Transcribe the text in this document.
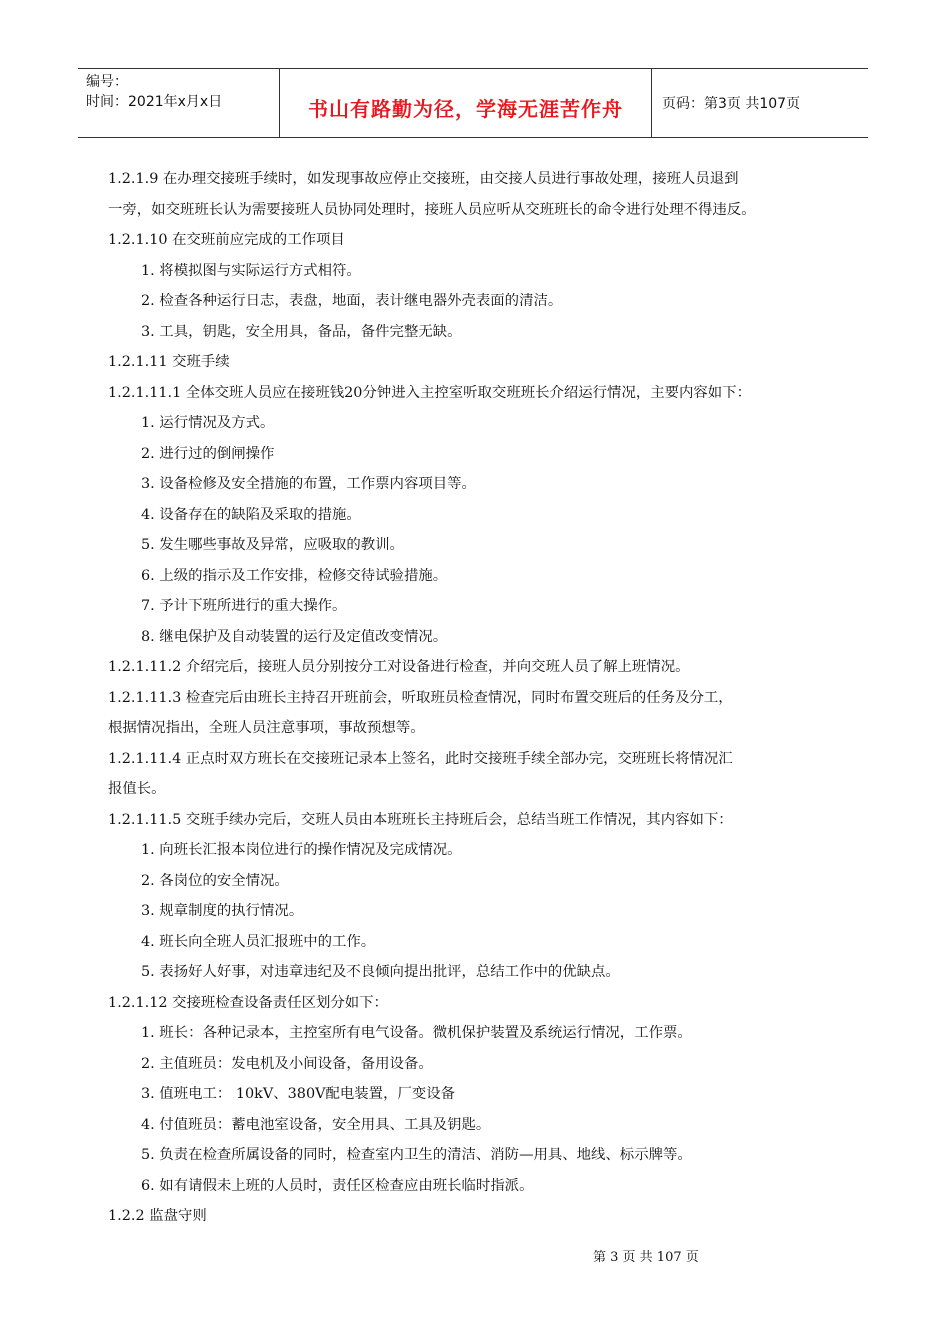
编号：
时间：2021年x月x日	书山有路勤为径，学海无涯苦作舟	页码：第3页 共107页
1.2.1.9 在办理交接班手续时，如发现事故应停止交接班，由交接人员进行事故处理，接班人员退到
一旁，如交班班长认为需要接班人员协同处理时，接班人员应听从交班班长的命令进行处理不得违反。
1.2.1.10 在交班前应完成的工作项目
1. 将模拟图与实际运行方式相符。
2. 检查各种运行日志，表盘，地面，表计继电器外壳表面的清洁。
3. 工具，钥匙，安全用具，备品，备件完整无缺。
1.2.1.11 交班手续
1.2.1.11.1 全体交班人员应在接班钱20分钟进入主控室听取交班班长介绍运行情况，主要内容如下：
1. 运行情况及方式。
2. 进行过的倒闸操作
3. 设备检修及安全措施的布置，工作票内容项目等。
4. 设备存在的缺陷及采取的措施。
5. 发生哪些事故及异常，应吸取的教训。
6. 上级的指示及工作安排，检修交待试验措施。
7. 予计下班所进行的重大操作。
8. 继电保护及自动装置的运行及定值改变情况。
1.2.1.11.2 介绍完后，接班人员分别按分工对设备进行检查，并向交班人员了解上班情况。
1.2.1.11.3 检查完后由班长主持召开班前会，听取班员检查情况，同时布置交班后的任务及分工，
根据情况指出，全班人员注意事项，事故预想等。
1.2.1.11.4 正点时双方班长在交接班记录本上签名，此时交接班手续全部办完，交班班长将情况汇
报值长。
1.2.1.11.5 交班手续办完后，交班人员由本班班长主持班后会，总结当班工作情况，其内容如下：
1. 向班长汇报本岗位进行的操作情况及完成情况。
2. 各岗位的安全情况。
3. 规章制度的执行情况。
4. 班长向全班人员汇报班中的工作。
5. 表扬好人好事，对违章违纪及不良倾向提出批评，总结工作中的优缺点。
1.2.1.12 交接班检查设备责任区划分如下：
1. 班长：各种记录本，主控室所有电气设备。微机保护装置及系统运行情况，工作票。
2. 主值班员：发电机及小间设备，备用设备。
3. 值班电工： 10kV、380V配电装置，厂变设备
4. 付值班员：蓄电池室设备，安全用具、工具及钥匙。
5. 负责在检查所属设备的同时，检查室内卫生的清洁、消防—用具、地线、标示牌等。
6. 如有请假未上班的人员时，责任区检查应由班长临时指派。
1.2.2 监盘守则
第 3 页 共 107 页
